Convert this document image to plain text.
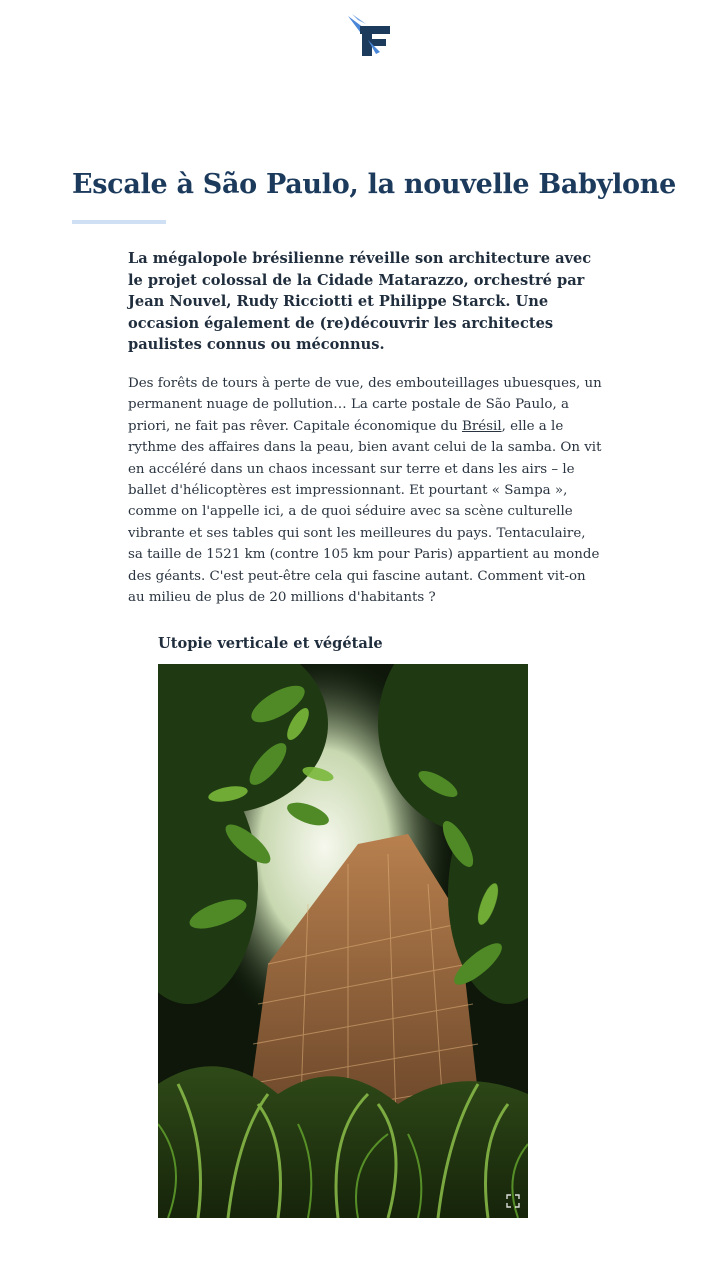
Escale à São Paulo, la nouvelle Babylone

La mégalopole brésilienne réveille son architecture avec le projet colossal de la Cidade Matarazzo, orchestré par Jean Nouvel, Rudy Ricciotti et Philippe Starck. Une occasion également de (re)découvrir les architectes paulistes connus ou méconnus.

Des forêts de tours à perte de vue, des embouteillages ubuesques, un permanent nuage de pollution… La carte postale de São Paulo, a priori, ne fait pas rêver. Capitale économique du Brésil, elle a le rythme des affaires dans la peau, bien avant celui de la samba. On vit en accéléré dans un chaos incessant sur terre et dans les airs – le ballet d'hélicoptères est impressionnant. Et pourtant « Sampa », comme on l'appelle ici, a de quoi séduire avec sa scène culturelle vibrante et ses tables qui sont les meilleures du pays. Tentaculaire, sa taille de 1521 km (contre 105 km pour Paris) appartient au monde des géants. C'est peut-être cela qui fascine autant. Comment vit-on au milieu de plus de 20 millions d'habitants ?

Utopie verticale et végétale
